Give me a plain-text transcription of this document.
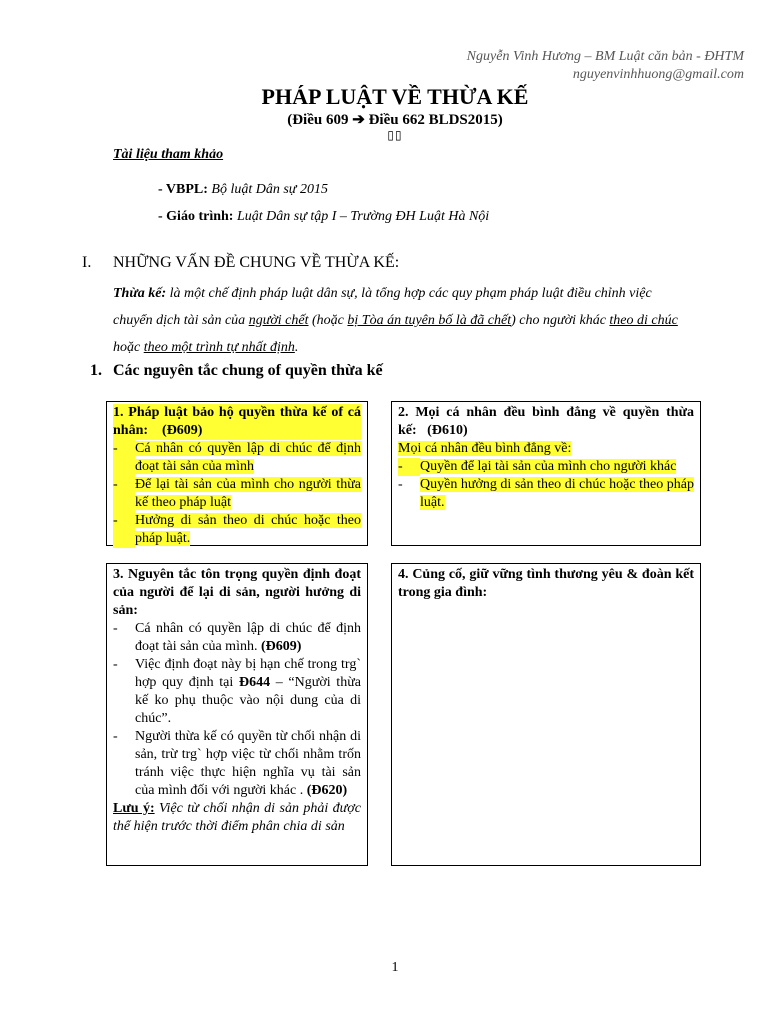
Nguyễn Vinh Hương – BM Luật căn bản - ĐHTM
nguyenvinhhuong@gmail.com
PHÁP LUẬT VỀ THỪA KẾ
(Điều 609 ➔ Điều 662 BLDS2015)
▯▯
Tài liệu tham khảo
- VBPL: Bộ luật Dân sự 2015
- Giáo trình: Luật Dân sự tập I – Trường ĐH Luật Hà Nội
I. NHỮNG VẤN ĐỀ CHUNG VỀ THỪA KẾ:
Thừa kế: là một chế định pháp luật dân sự, là tổng hợp các quy phạm pháp luật điều chỉnh việc chuyển dịch tài sản của người chết (hoặc bị Tòa án tuyên bố là đã chết) cho người khác theo di chúc hoặc theo một trình tự nhất định.
1. Các nguyên tắc chung of quyền thừa kế
1. Pháp luật bảo hộ quyền thừa kế of cá nhân: (Đ609)
-	Cá nhân có quyền lập di chúc để định đoạt tài sản của mình
-	Để lại tài sản của mình cho người thừa kế theo pháp luật
-	Hưởng di sản theo di chúc hoặc theo pháp luật.
2. Mọi cá nhân đều bình đẳng về quyền thừa kế: (Đ610)
Mọi cá nhân đều bình đẳng về:
-	Quyền để lại tài sản của mình cho người khác
-	Quyền hưởng di sản theo di chúc hoặc theo pháp luật.
3. Nguyên tắc tôn trọng quyền định đoạt của người để lại di sản, người hưởng di sản:
-	Cá nhân có quyền lập di chúc để định đoạt tài sản của mình. (Đ609)
-	Việc định đoạt này bị hạn chế trong trg` hợp quy định tại Đ644 – “Người thừa kế ko phụ thuộc vào nội dung của di chúc”.
-	Người thừa kế có quyền từ chối nhận di sản, trừ trg` hợp việc từ chối nhằm trốn tránh việc thực hiện nghĩa vụ tài sản của mình đối với người khác . (Đ620)
Lưu ý: Việc từ chối nhận di sản phải được thể hiện trước thời điểm phân chia di sản
4. Củng cố, giữ vững tình thương yêu & đoàn kết trong gia đình:
1
